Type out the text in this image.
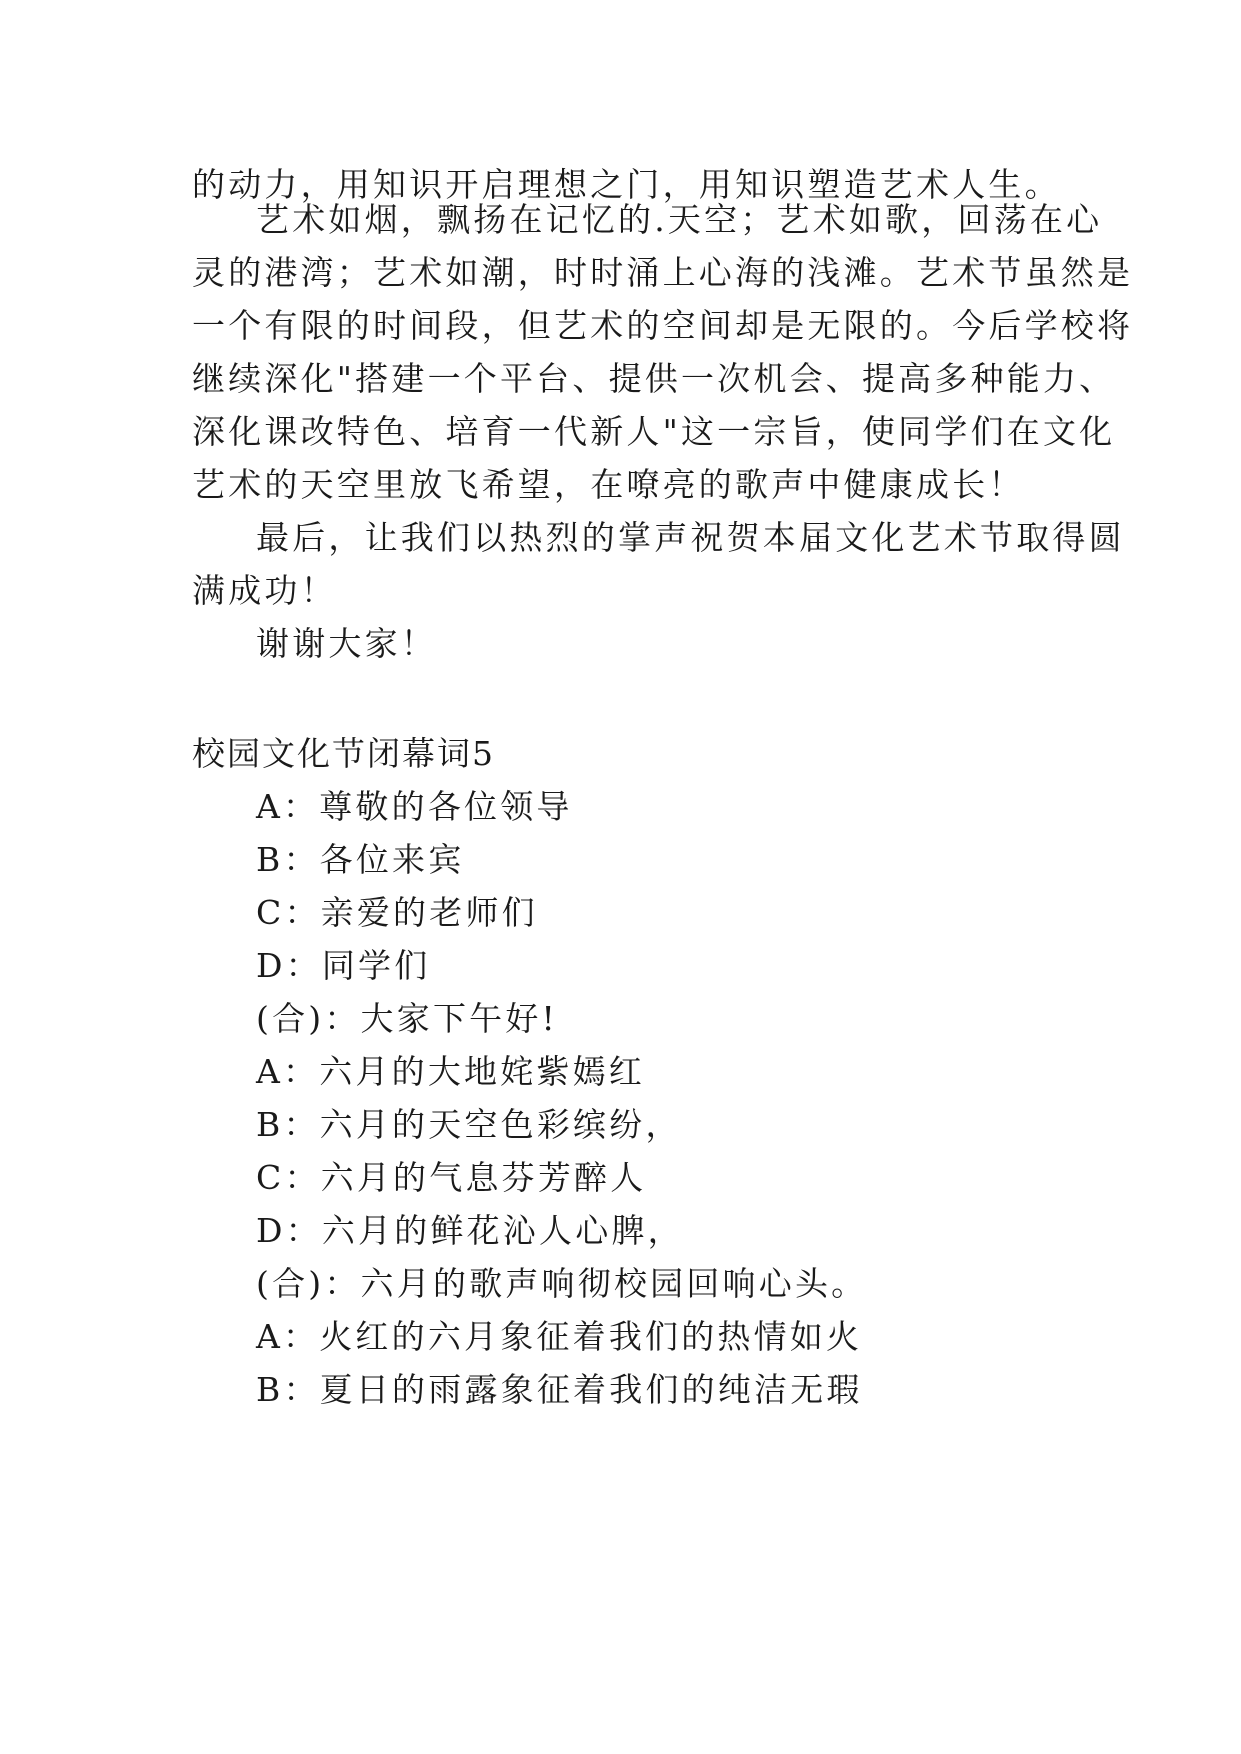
的动力，用知识开启理想之门，用知识塑造艺术人生。
艺术如烟，飘扬在记忆的.天空；艺术如歌，回荡在心
灵的港湾；艺术如潮，时时涌上心海的浅滩。艺术节虽然是
一个有限的时间段，但艺术的空间却是无限的。今后学校将
继续深化"搭建一个平台、提供一次机会、提高多种能力、
深化课改特色、培育一代新人"这一宗旨，使同学们在文化
艺术的天空里放飞希望，在嘹亮的歌声中健康成长！
最后，让我们以热烈的掌声祝贺本届文化艺术节取得圆
满成功！
谢谢大家！
校园文化节闭幕词5
A：尊敬的各位领导
B：各位来宾
C：亲爱的老师们
D：同学们
(合)：大家下午好!
A：六月的大地姹紫嫣红
B：六月的天空色彩缤纷，
C：六月的气息芬芳醉人
D：六月的鲜花沁人心脾，
(合)：六月的歌声响彻校园回响心头。
A：火红的六月象征着我们的热情如火
B：夏日的雨露象征着我们的纯洁无瑕
